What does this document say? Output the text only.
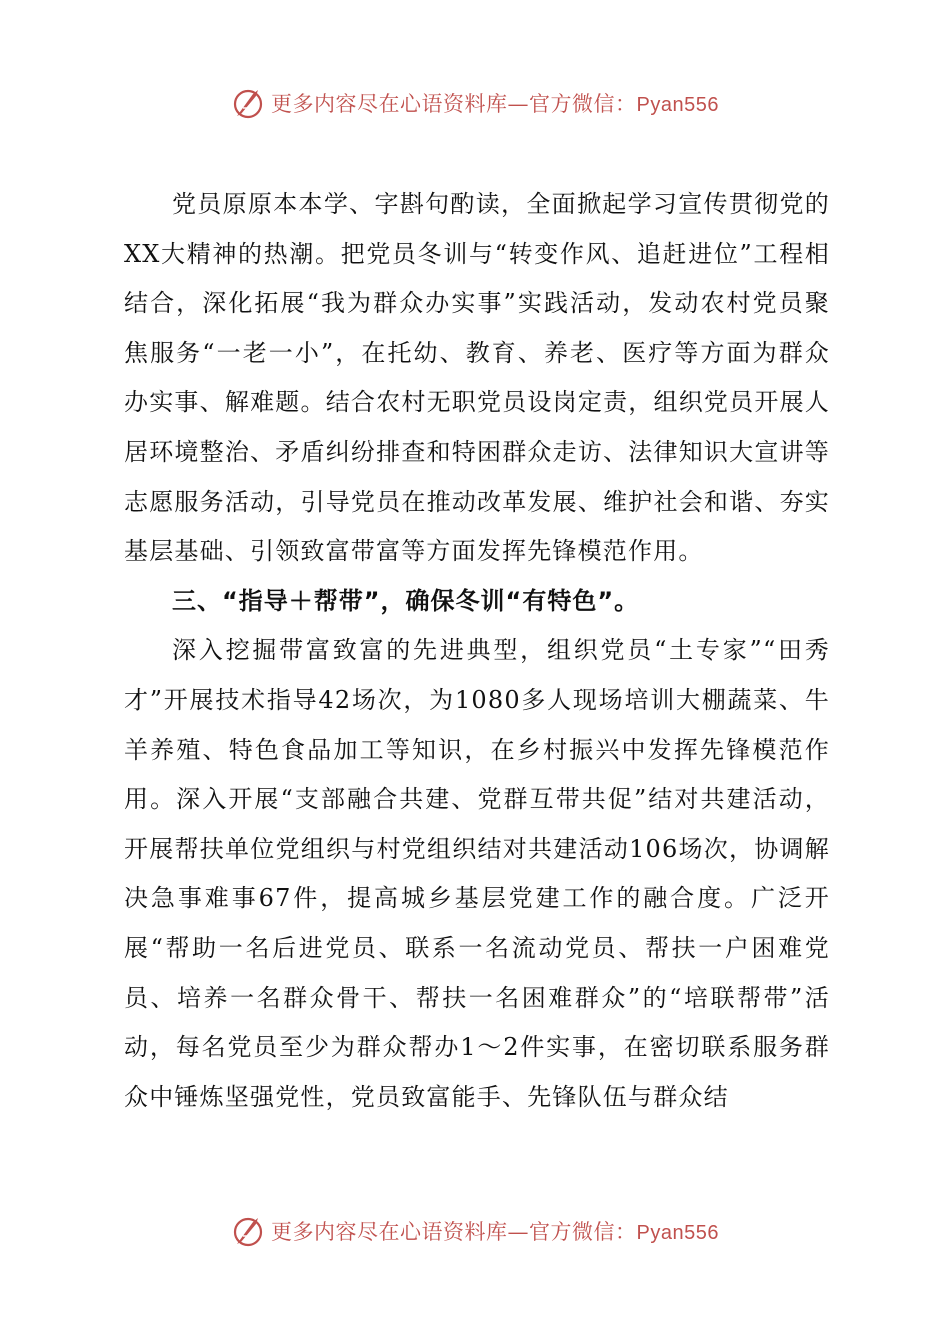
更多内容尽在心语资料库—官方微信：Pyan556

党员原原本本学、字斟句酌读，全面掀起学习宣传贯彻党的XX大精神的热潮。把党员冬训与“转变作风、追赶进位”工程相结合，深化拓展“我为群众办实事”实践活动，发动农村党员聚焦服务“一老一小”，在托幼、教育、养老、医疗等方面为群众办实事、解难题。结合农村无职党员设岗定责，组织党员开展人居环境整治、矛盾纠纷排查和特困群众走访、法律知识大宣讲等志愿服务活动，引导党员在推动改革发展、维护社会和谐、夯实基层基础、引领致富带富等方面发挥先锋模范作用。

三、“指导＋帮带”，确保冬训“有特色”。

深入挖掘带富致富的先进典型，组织党员“土专家”“田秀才”开展技术指导42场次，为1080多人现场培训大棚蔬菜、牛羊养殖、特色食品加工等知识，在乡村振兴中发挥先锋模范作用。深入开展“支部融合共建、党群互带共促”结对共建活动，开展帮扶单位党组织与村党组织结对共建活动106场次，协调解决急事难事67件，提高城乡基层党建工作的融合度。广泛开展“帮助一名后进党员、联系一名流动党员、帮扶一户困难党员、培养一名群众骨干、帮扶一名困难群众”的“培联帮带”活动，每名党员至少为群众帮办1～2件实事，在密切联系服务群众中锤炼坚强党性，党员致富能手、先锋队伍与群众结

更多内容尽在心语资料库—官方微信：Pyan556
